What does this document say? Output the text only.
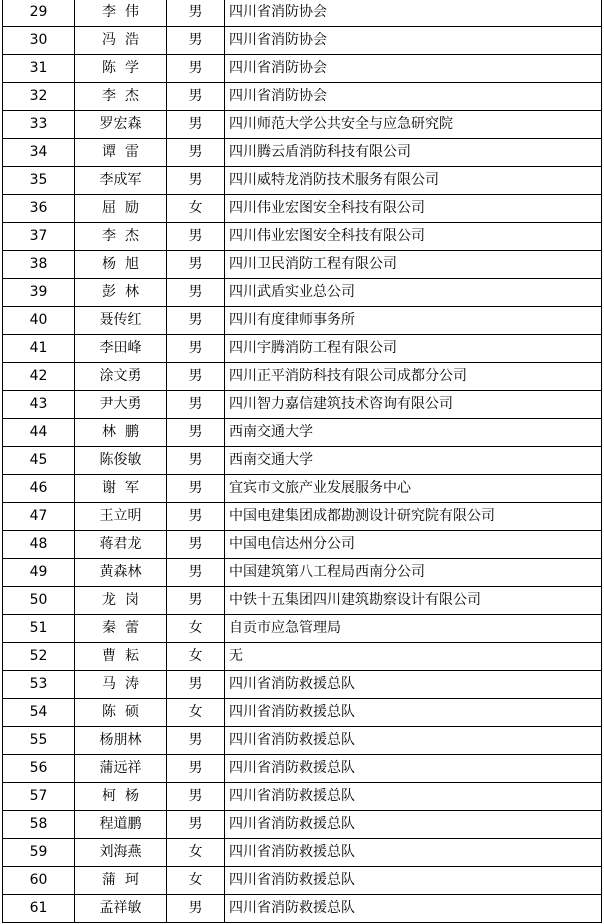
29	李  伟	男	四川省消防协会
30	冯  浩	男	四川省消防协会
31	陈  学	男	四川省消防协会
32	李  杰	男	四川省消防协会
33	罗宏森	男	四川师范大学公共安全与应急研究院
34	谭  雷	男	四川腾云盾消防科技有限公司
35	李成军	男	四川威特龙消防技术服务有限公司
36	屈  励	女	四川伟业宏图安全科技有限公司
37	李  杰	男	四川伟业宏图安全科技有限公司
38	杨  旭	男	四川卫民消防工程有限公司
39	彭  林	男	四川武盾实业总公司
40	聂传红	男	四川有度律师事务所
41	李田峰	男	四川宇腾消防工程有限公司
42	涂文勇	男	四川正平消防科技有限公司成都分公司
43	尹大勇	男	四川智力嘉信建筑技术咨询有限公司
44	林  鹏	男	西南交通大学
45	陈俊敏	男	西南交通大学
46	谢  军	男	宜宾市文旅产业发展服务中心
47	王立明	男	中国电建集团成都勘测设计研究院有限公司
48	蒋君龙	男	中国电信达州分公司
49	黄森林	男	中国建筑第八工程局西南分公司
50	龙  岗	男	中铁十五集团四川建筑勘察设计有限公司
51	秦  蕾	女	自贡市应急管理局
52	曹  耘	女	无
53	马  涛	男	四川省消防救援总队
54	陈  硕	女	四川省消防救援总队
55	杨朋林	男	四川省消防救援总队
56	蒲远祥	男	四川省消防救援总队
57	柯  杨	男	四川省消防救援总队
58	程道鹏	男	四川省消防救援总队
59	刘海燕	女	四川省消防救援总队
60	蒲  珂	女	四川省消防救援总队
61	孟祥敏	男	四川省消防救援总队
